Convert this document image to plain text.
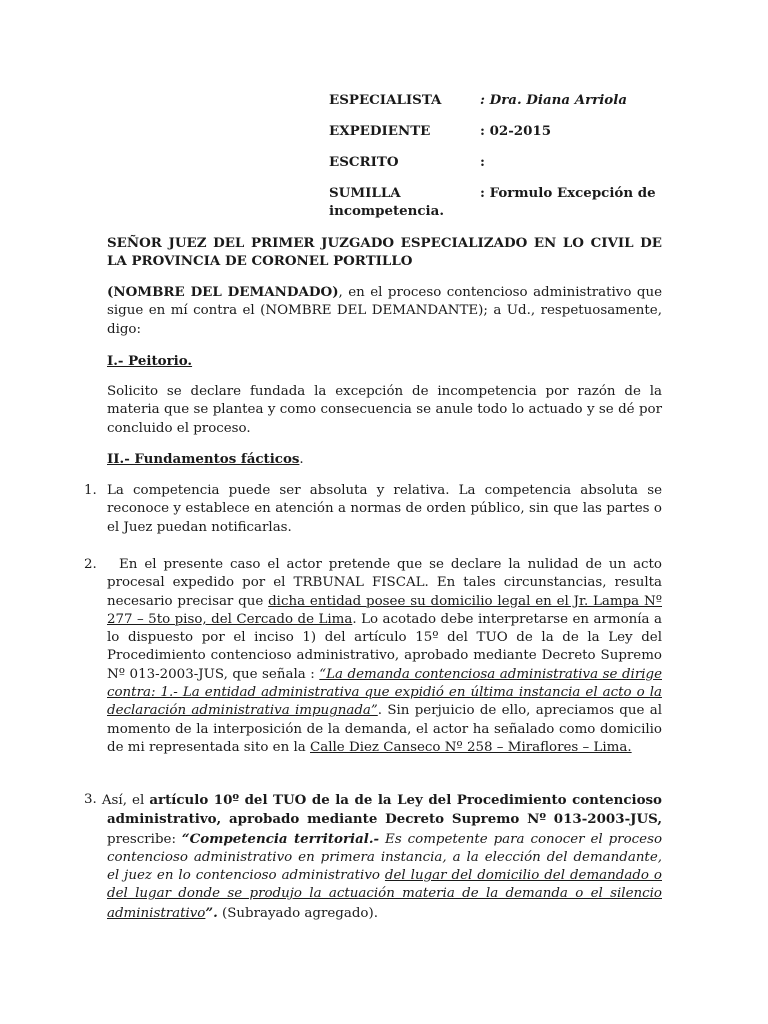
ESPECIALISTA	: Dra. Diana Arriola
EXPEDIENTE	: 02-2015
ESCRITO	:
SUMILLA	: Formulo Excepción de
incompetencia.

SEÑOR JUEZ DEL PRIMER JUZGADO ESPECIALIZADO EN LO CIVIL DE LA PROVINCIA DE CORONEL PORTILLO

(NOMBRE DEL DEMANDADO), en el proceso contencioso administrativo que sigue en mí contra el (NOMBRE DEL DEMANDANTE); a Ud., respetuosamente, digo:

I.- Peitorio.

Solicito se declare fundada la excepción de incompetencia por razón de la materia que se plantea y como consecuencia se anule todo lo actuado y se dé por concluido el proceso.

II.- Fundamentos fácticos.

1. La competencia puede ser absoluta y relativa. La competencia absoluta se reconoce y establece en atención a normas de orden público, sin que las partes o el Juez puedan notificarlas.

2.	En el presente caso el actor pretende que se declare la nulidad de un acto procesal expedido por el TRBUNAL FISCAL. En tales circunstancias, resulta necesario precisar que dicha entidad posee su domicilio legal en el Jr. Lampa Nº 277 – 5to piso, del Cercado de Lima. Lo acotado debe interpretarse en armonía a lo dispuesto por el inciso 1) del artículo 15º del TUO de la de la Ley del Procedimiento contencioso administrativo, aprobado mediante Decreto Supremo Nº 013-2003-JUS, que señala : “La demanda contenciosa administrativa se dirige contra: 1.- La entidad administrativa que expidió en última instancia el acto o la declaración administrativa impugnada”. Sin perjuicio de ello, apreciamos que al momento de la interposición de la demanda, el actor ha señalado como domicilio de mi representada sito en la Calle Diez Canseco Nº 258 – Miraflores – Lima.

3. Así, el artículo 10º del TUO de la de la Ley del Procedimiento contencioso administrativo, aprobado mediante Decreto Supremo Nº 013-2003-JUS, prescribe: “Competencia territorial.- Es competente para conocer el proceso contencioso administrativo en primera instancia, a la elección del demandante, el juez en lo contencioso administrativo del lugar del domicilio del demandado o del lugar donde se produjo la actuación materia de la demanda o el silencio administrativo”. (Subrayado agregado).
